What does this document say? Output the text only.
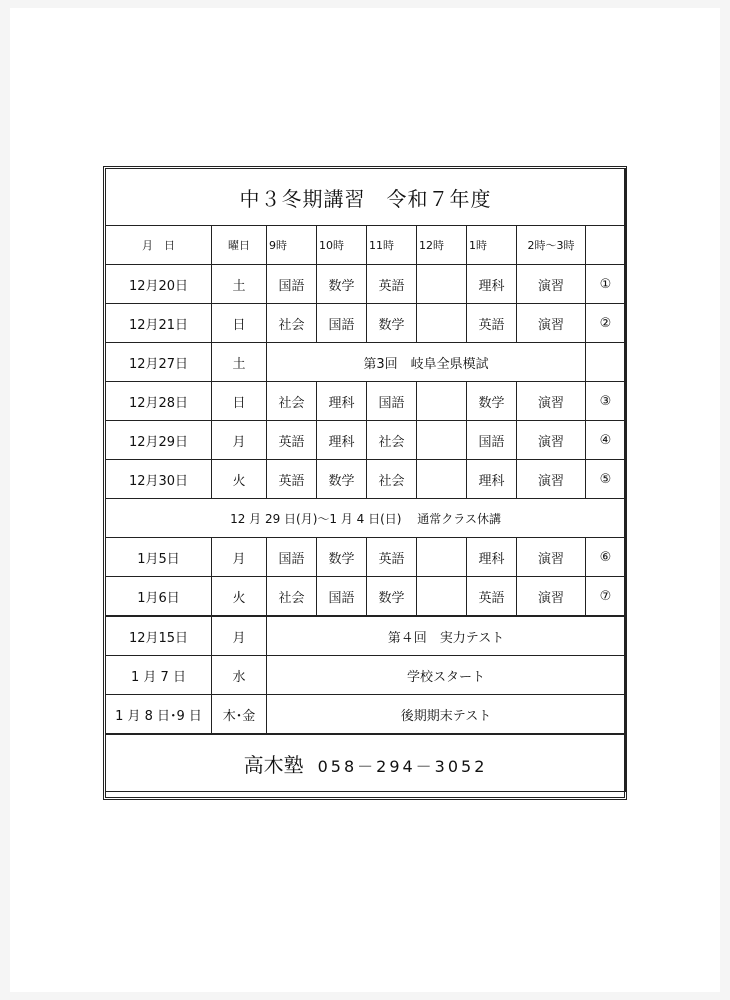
中３冬期講習　令和７年度								
月　日	曜日	9時	10時	11時	12時	1時	2時～3時	
12月20日	土	国語	数学	英語		理科	演習	①
12月21日	日	社会	国語	数学		英語	演習	②
12月27日	土	第3回　岐阜全県模試						
12月28日	日	社会	理科	国語		数学	演習	③
12月29日	月	英語	理科	社会		国語	演習	④
12月30日	火	英語	数学	社会		理科	演習	⑤
12 月 29 日(月)～1 月 4 日(日)　 通常クラス休講								
1月5日	月	国語	数学	英語		理科	演習	⑥
1月6日	火	社会	国語	数学		英語	演習	⑦
12月15日	月	第４回　実力テスト						
1 月 7 日	水	学校スタート						
1 月 8 日･9 日	木･金	後期期末テスト						
高木塾 058－294－3052								
